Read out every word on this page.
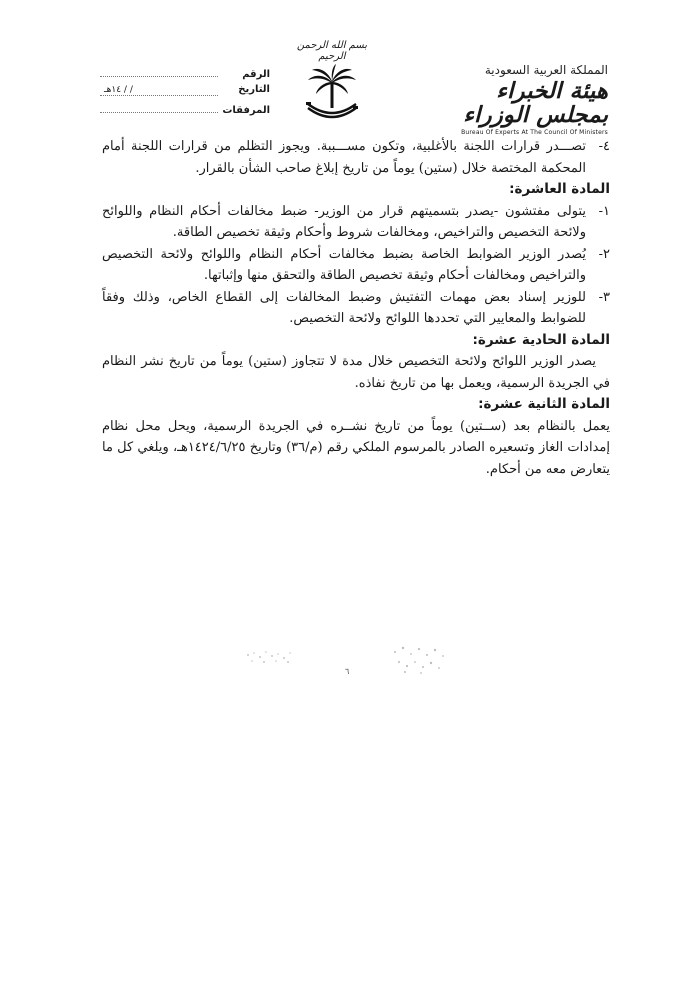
المملكة العربية السعودية
هيئة الخبراء بمجلس الوزراء
Bureau Of Experts At The Council Of Ministers
بسم الله الرحمن الرحيم
الرقم
التاريخ
/ / ١٤هـ
المرفقات
٤-
تصـــدر قرارات اللجنة بالأغلبية، وتكون مســـببة. ويجوز التظلم من قرارات اللجنة أمام المحكمة المختصة خلال (ستين) يوماً من تاريخ إبلاغ صاحب الشأن بالقرار.

المادة العاشرة:

١-
يتولى مفتشون -يصدر بتسميتهم قرار من الوزير- ضبط مخالفات أحكام النظام واللوائح ولائحة التخصيص والتراخيص، ومخالفات شروط وأحكام وثيقة تخصيص الطاقة.
٢-
يُصدر الوزير الضوابط الخاصة بضبط مخالفات أحكام النظام واللوائح ولائحة التخصيص والتراخيص ومخالفات أحكام وثيقة تخصيص الطاقة والتحقق منها وإثباتها.
٣-
للوزير إسناد بعض مهمات التفتيش وضبط المخالفات إلى القطاع الخاص، وذلك وفقاً للضوابط والمعايير التي تحددها اللوائح ولائحة التخصيص.

المادة الحادية عشرة:

يصدر الوزير اللوائح ولائحة التخصيص خلال مدة لا تتجاوز (ستين) يوماً من تاريخ نشر النظام في الجريدة الرسمية، ويعمل بها من تاريخ نفاذه.

المادة الثانية عشرة:

يعمل بالنظام بعد (ســتين) يوماً من تاريخ نشــره في الجريدة الرسمية، ويحل محل نظام إمدادات الغاز وتسعيره الصادر بالمرسوم الملكي رقم (م/٣٦) وتاريخ ١٤٢٤/٦/٢٥هـ، ويلغي كل ما يتعارض معه من أحكام.

٦
